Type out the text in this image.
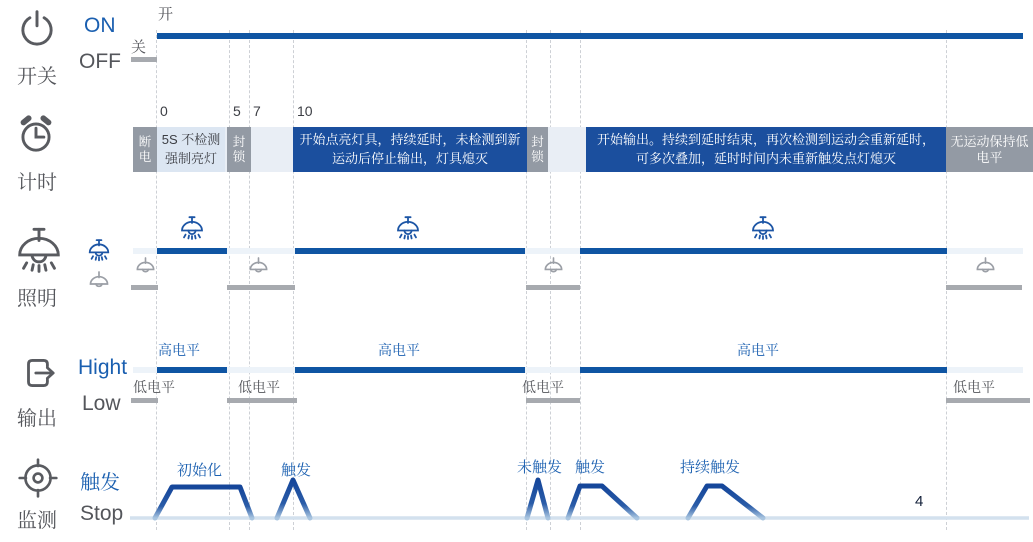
开关
计时
照明
输出
监测
ON
OFF
Hight
Low
触发
Stop
开
关
0	5 7	10
断电
5S 不检测 强制亮灯
封锁
开始点亮灯具，持续延时，未检测到新运动后停止输出，灯具熄灭
封锁
开始输出。持续到延时结束，再次检测到运动会重新延时，可多次叠加，延时时间内未重新触发点灯熄灭
无运动保持低电平
高电平	高电平	高电平
低电平	低电平	低电平	低电平
初始化	触发	未触发 触发	持续触发
4
